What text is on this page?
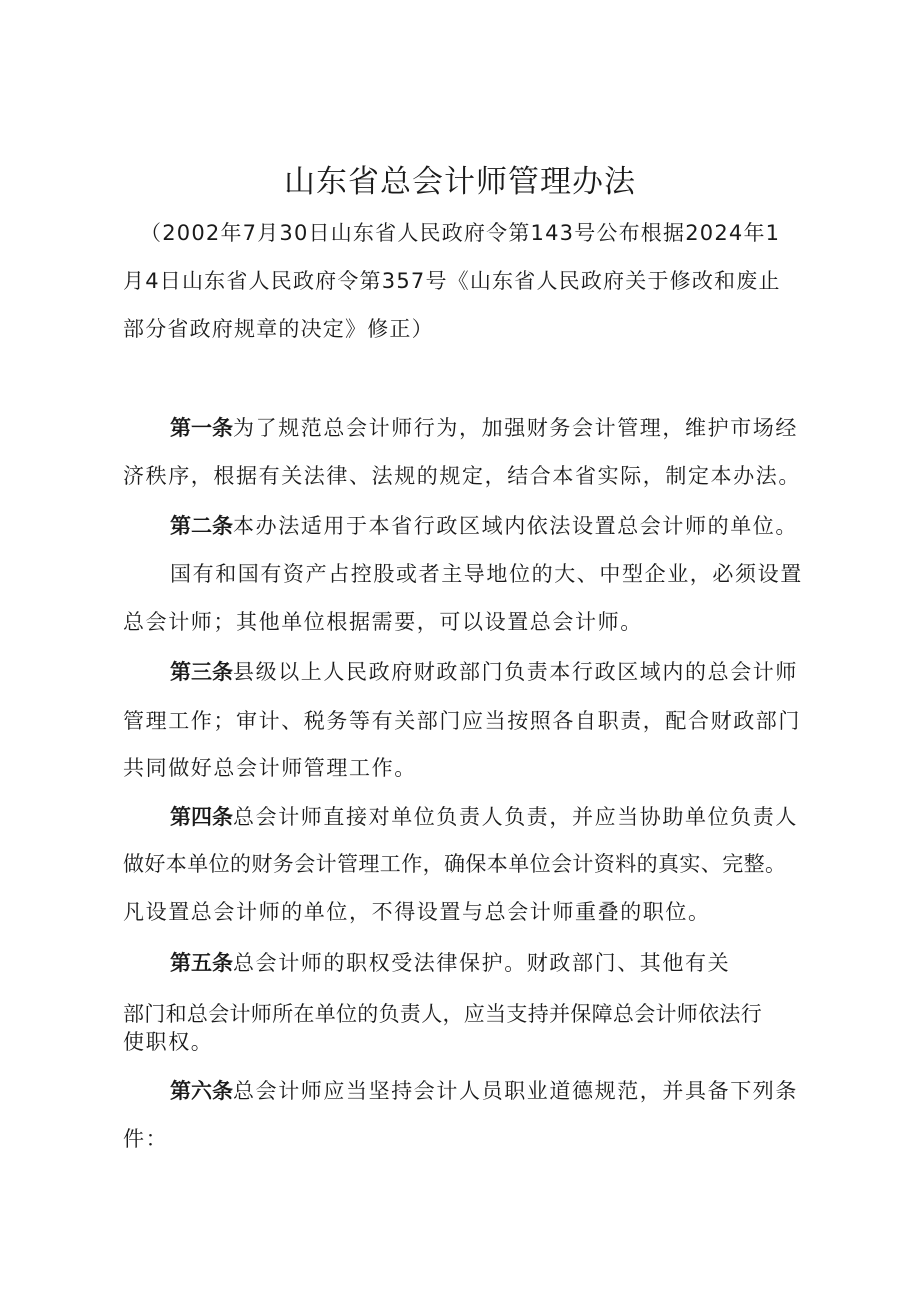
山东省总会计师管理办法
（2002年7月30日山东省人民政府令第143号公布根据2024年1
月4日山东省人民政府令第357号《山东省人民政府关于修改和废止
部分省政府规章的决定》修正）
第一条为了规范总会计师行为，加强财务会计管理，维护市场经
济秩序，根据有关法律、法规的规定，结合本省实际，制定本办法。
第二条本办法适用于本省行政区域内依法设置总会计师的单位。
国有和国有资产占控股或者主导地位的大、中型企业，必须设置
总会计师；其他单位根据需要，可以设置总会计师。
第三条县级以上人民政府财政部门负责本行政区域内的总会计师
管理工作；审计、税务等有关部门应当按照各自职责，配合财政部门
共同做好总会计师管理工作。
第四条总会计师直接对单位负责人负责，并应当协助单位负责人
做好本单位的财务会计管理工作，确保本单位会计资料的真实、完整。
凡设置总会计师的单位，不得设置与总会计师重叠的职位。
第五条总会计师的职权受法律保护。财政部门、其他有关
部门和总会计师所在单位的负责人，应当支持并保障总会计师依法行
使职权。
第六条总会计师应当坚持会计人员职业道德规范，并具备下列条
件：
